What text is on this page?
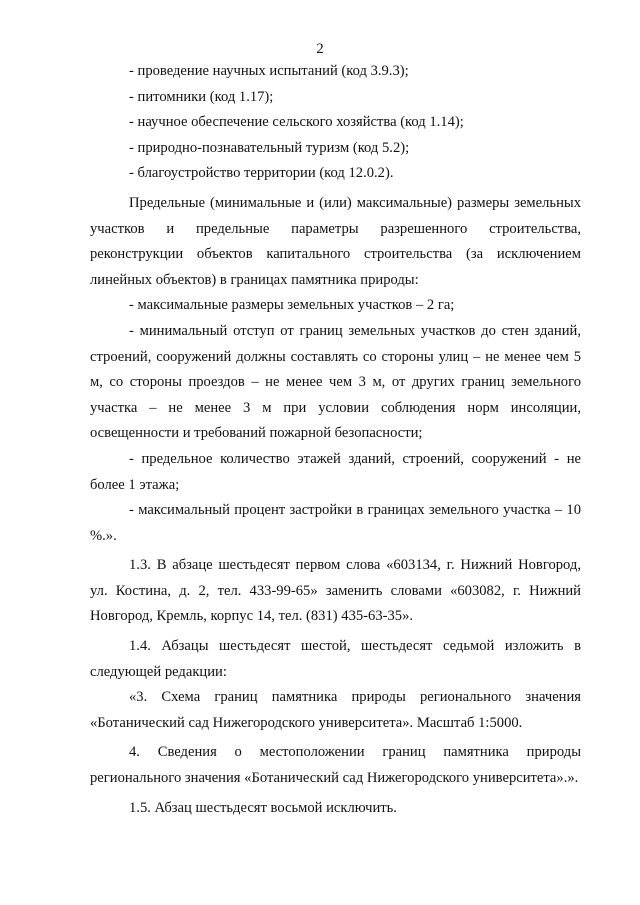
2

- проведение научных испытаний (код 3.9.3);

- питомники (код 1.17);

- научное обеспечение сельского хозяйства (код 1.14);

- природно-познавательный туризм (код 5.2);

- благоустройство территории (код 12.0.2).

Предельные (минимальные и (или) максимальные) размеры земельных участков и предельные параметры разрешенного строительства, реконструкции объектов капитального строительства (за исключением линейных объектов) в границах памятника природы:

- максимальные размеры земельных участков – 2 га;

- минимальный отступ от границ земельных участков до стен зданий, строений, сооружений должны составлять со стороны улиц – не менее чем 5 м, со стороны проездов – не менее чем 3 м, от других границ земельного участка – не менее 3 м при условии соблюдения норм инсоляции, освещенности и требований пожарной безопасности;

- предельное количество этажей зданий, строений, сооружений - не более 1 этажа;

- максимальный процент застройки в границах земельного участка – 10 %.».

1.3. В абзаце шестьдесят первом слова «603134, г. Нижний Новгород, ул. Костина, д. 2, тел. 433-99-65» заменить словами «603082, г. Нижний Новгород, Кремль, корпус 14, тел. (831) 435-63-35».

1.4. Абзацы шестьдесят шестой, шестьдесят седьмой изложить в следующей редакции:

«3. Схема границ памятника природы регионального значения «Ботанический сад Нижегородского университета». Масштаб 1:5000.

4. Сведения о местоположении границ памятника природы регионального значения «Ботанический сад Нижегородского университета».».

1.5. Абзац шестьдесят восьмой исключить.
